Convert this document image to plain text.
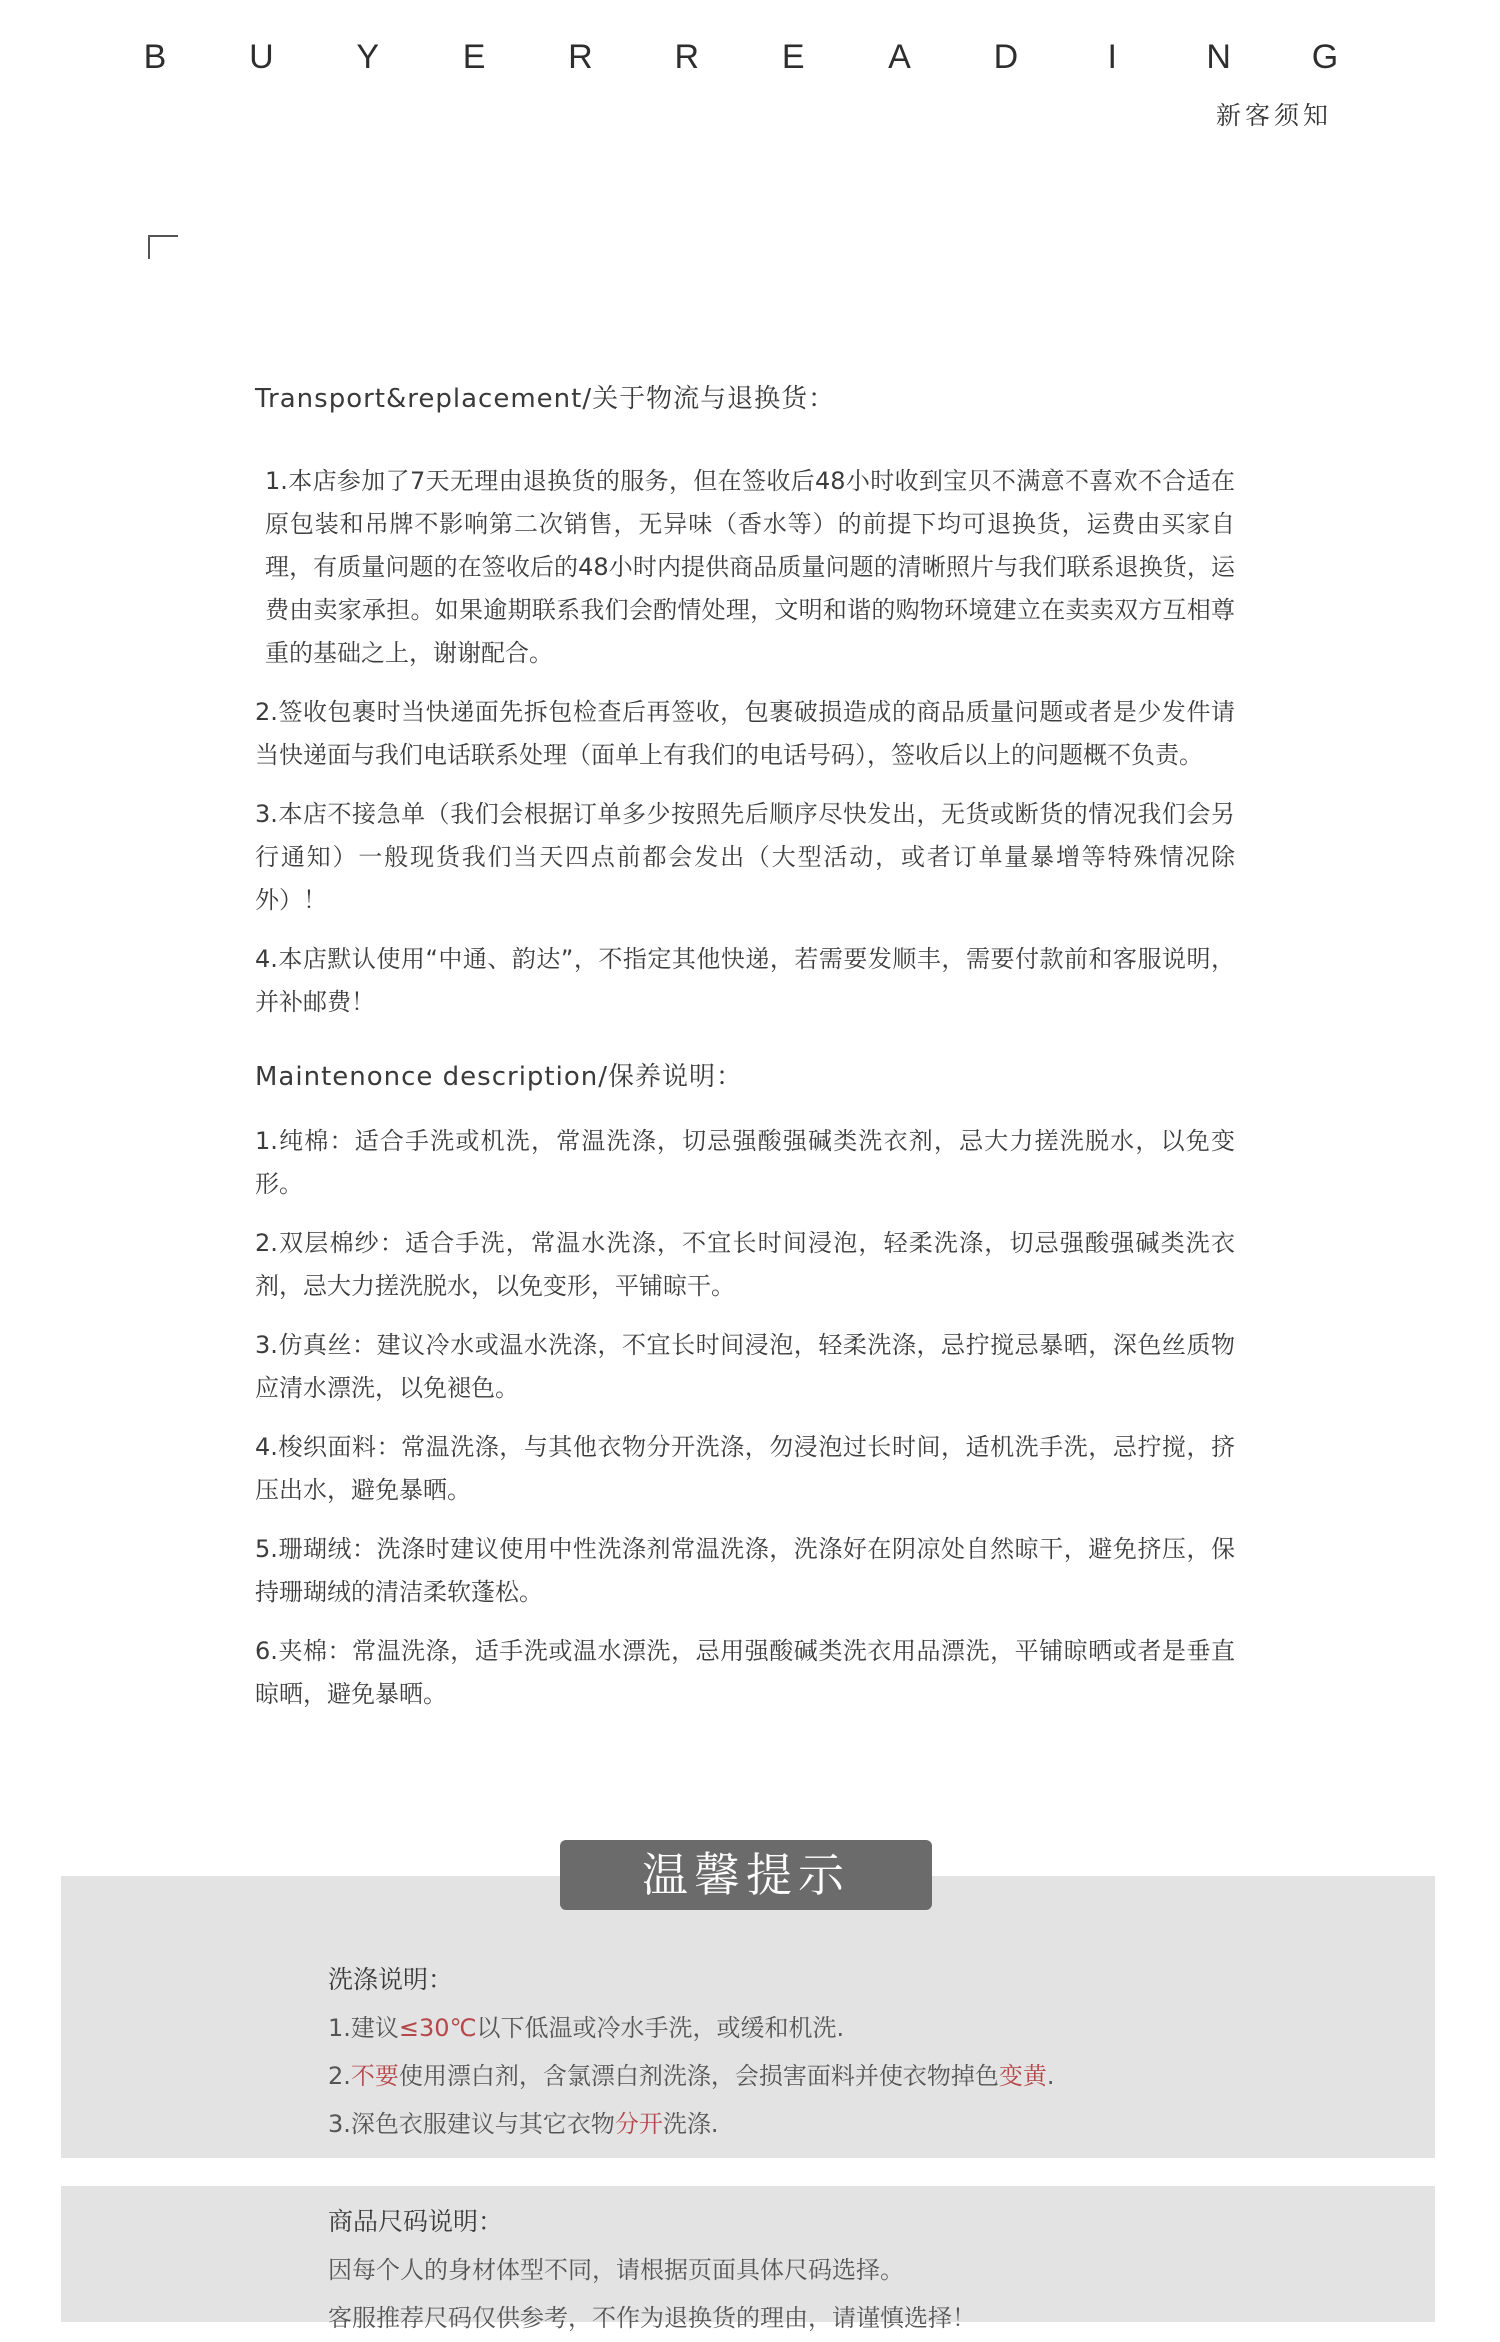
B U Y E R R E A D	I	N G
新客须知

Transport&replacement/关于物流与退换货：

1.本店参加了7天无理由退换货的服务，但在签收后48小时收到宝贝不满意不喜欢不合适在原包装和吊牌不影响第二次销售，无异味（香水等）的前提下均可退换货，运费由买家自理，有质量问题的在签收后的48小时内提供商品质量问题的清晰照片与我们联系退换货，运费由卖家承担。如果逾期联系我们会酌情处理，文明和谐的购物环境建立在卖卖双方互相尊重的基础之上，谢谢配合。

2.签收包裹时当快递面先拆包检查后再签收，包裹破损造成的商品质量问题或者是少发件请当快递面与我们电话联系处理（面单上有我们的电话号码），签收后以上的问题概不负责。

3.本店不接急单（我们会根据订单多少按照先后顺序尽快发出，无货或断货的情况我们会另行通知）一般现货我们当天四点前都会发出（大型活动，或者订单量暴增等特殊情况除外）！

4.本店默认使用“中通、韵达”，不指定其他快递，若需要发顺丰，需要付款前和客服说明，并补邮费！

Maintenonce description/保养说明：

1.纯棉：适合手洗或机洗，常温洗涤，切忌强酸强碱类洗衣剂，忌大力搓洗脱水，以免变形。

2.双层棉纱：适合手洗，常温水洗涤，不宜长时间浸泡，轻柔洗涤，切忌强酸强碱类洗衣剂，忌大力搓洗脱水，以免变形，平铺晾干。

3.仿真丝：建议冷水或温水洗涤，不宜长时间浸泡，轻柔洗涤，忌拧搅忌暴晒，深色丝质物应清水漂洗，以免褪色。

4.梭织面料：常温洗涤，与其他衣物分开洗涤，勿浸泡过长时间，适机洗手洗，忌拧搅，挤压出水，避免暴晒。

5.珊瑚绒：洗涤时建议使用中性洗涤剂常温洗涤，洗涤好在阴凉处自然晾干，避免挤压，保持珊瑚绒的清洁柔软蓬松。

6.夹棉：常温洗涤，适手洗或温水漂洗，忌用强酸碱类洗衣用品漂洗，平铺晾晒或者是垂直晾晒，避免暴晒。

温馨提示

洗涤说明：

1.建议≤30℃以下低温或冷水手洗，或缓和机洗.

2.不要使用漂白剂，含氯漂白剂洗涤，会损害面料并使衣物掉色变黄.

3.深色衣服建议与其它衣物分开洗涤.

商品尺码说明：

因每个人的身材体型不同，请根据页面具体尺码选择。

客服推荐尺码仅供参考，不作为退换货的理由，请谨慎选择！
